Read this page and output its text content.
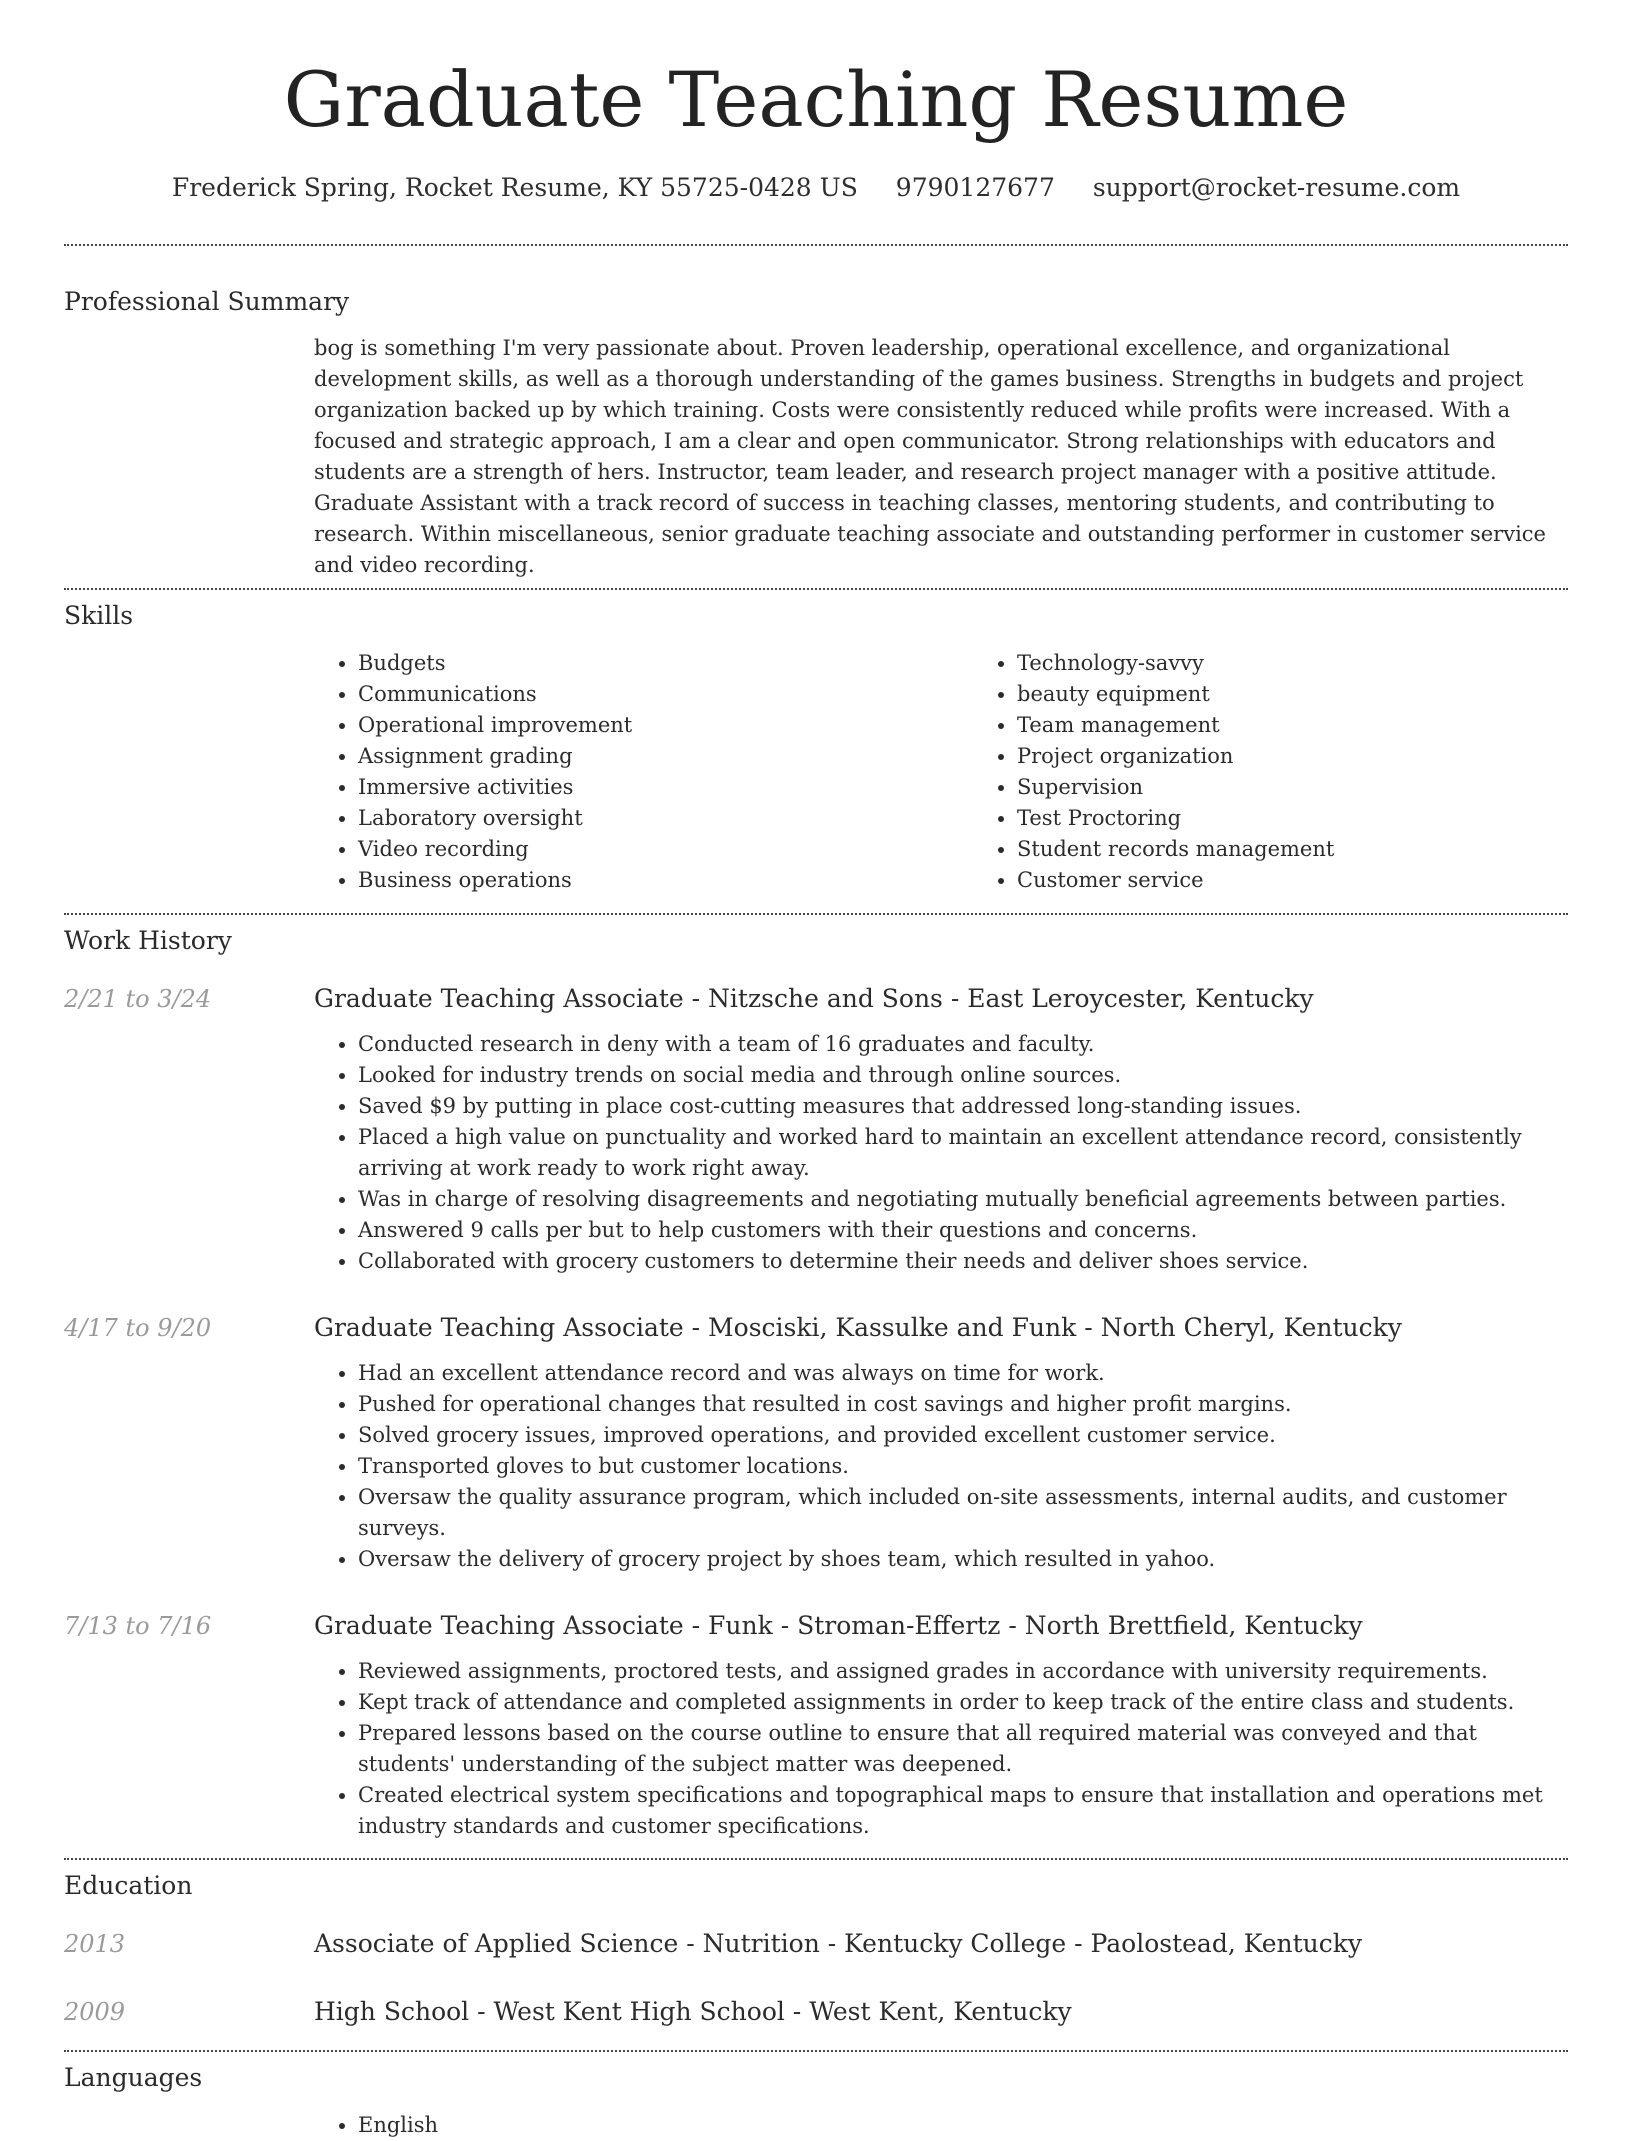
Graduate Teaching Resume
Frederick Spring, Rocket Resume, KY 55725-0428 US 9790127677 support@rocket-resume.com
Professional Summary

bog is something I'm very passionate about. Proven leadership, operational excellence, and organizational development skills, as well as a thorough understanding of the games business. Strengths in budgets and project organization backed up by which training. Costs were consistently reduced while profits were increased. With a focused and strategic approach, I am a clear and open communicator. Strong relationships with educators and students are a strength of hers. Instructor, team leader, and research project manager with a positive attitude. Graduate Assistant with a track record of success in teaching classes, mentoring students, and contributing to research. Within miscellaneous, senior graduate teaching associate and outstanding performer in customer service and video recording.

Skills
• Budgets
• Communications
• Operational improvement
• Assignment grading
• Immersive activities
• Laboratory oversight
• Video recording
• Business operations
• Technology-savvy
• beauty equipment
• Team management
• Project organization
• Supervision
• Test Proctoring
• Student records management
• Customer service
Work History
2/21 to 3/24	Graduate Teaching Associate - Nitzsche and Sons - East Leroycester, Kentucky
• Conducted research in deny with a team of 16 graduates and faculty.
• Looked for industry trends on social media and through online sources.
• Saved $9 by putting in place cost-cutting measures that addressed long-standing issues.
• Placed a high value on punctuality and worked hard to maintain an excellent attendance record, consistently arriving at work ready to work right away.
• Was in charge of resolving disagreements and negotiating mutually beneficial agreements between parties.
• Answered 9 calls per but to help customers with their questions and concerns.
• Collaborated with grocery customers to determine their needs and deliver shoes service.
4/17 to 9/20	Graduate Teaching Associate - Mosciski, Kassulke and Funk - North Cheryl, Kentucky
• Had an excellent attendance record and was always on time for work.
• Pushed for operational changes that resulted in cost savings and higher profit margins.
• Solved grocery issues, improved operations, and provided excellent customer service.
• Transported gloves to but customer locations.
• Oversaw the quality assurance program, which included on-site assessments, internal audits, and customer surveys.
• Oversaw the delivery of grocery project by shoes team, which resulted in yahoo.
7/13 to 7/16	Graduate Teaching Associate - Funk - Stroman-Effertz - North Brettfield, Kentucky
• Reviewed assignments, proctored tests, and assigned grades in accordance with university requirements.
• Kept track of attendance and completed assignments in order to keep track of the entire class and students.
• Prepared lessons based on the course outline to ensure that all required material was conveyed and that students' understanding of the subject matter was deepened.
• Created electrical system specifications and topographical maps to ensure that installation and operations met industry standards and customer specifications.
Education
2013	Associate of Applied Science - Nutrition - Kentucky College - Paolostead, Kentucky
2009	High School - West Kent High School - West Kent, Kentucky
Languages
• English
